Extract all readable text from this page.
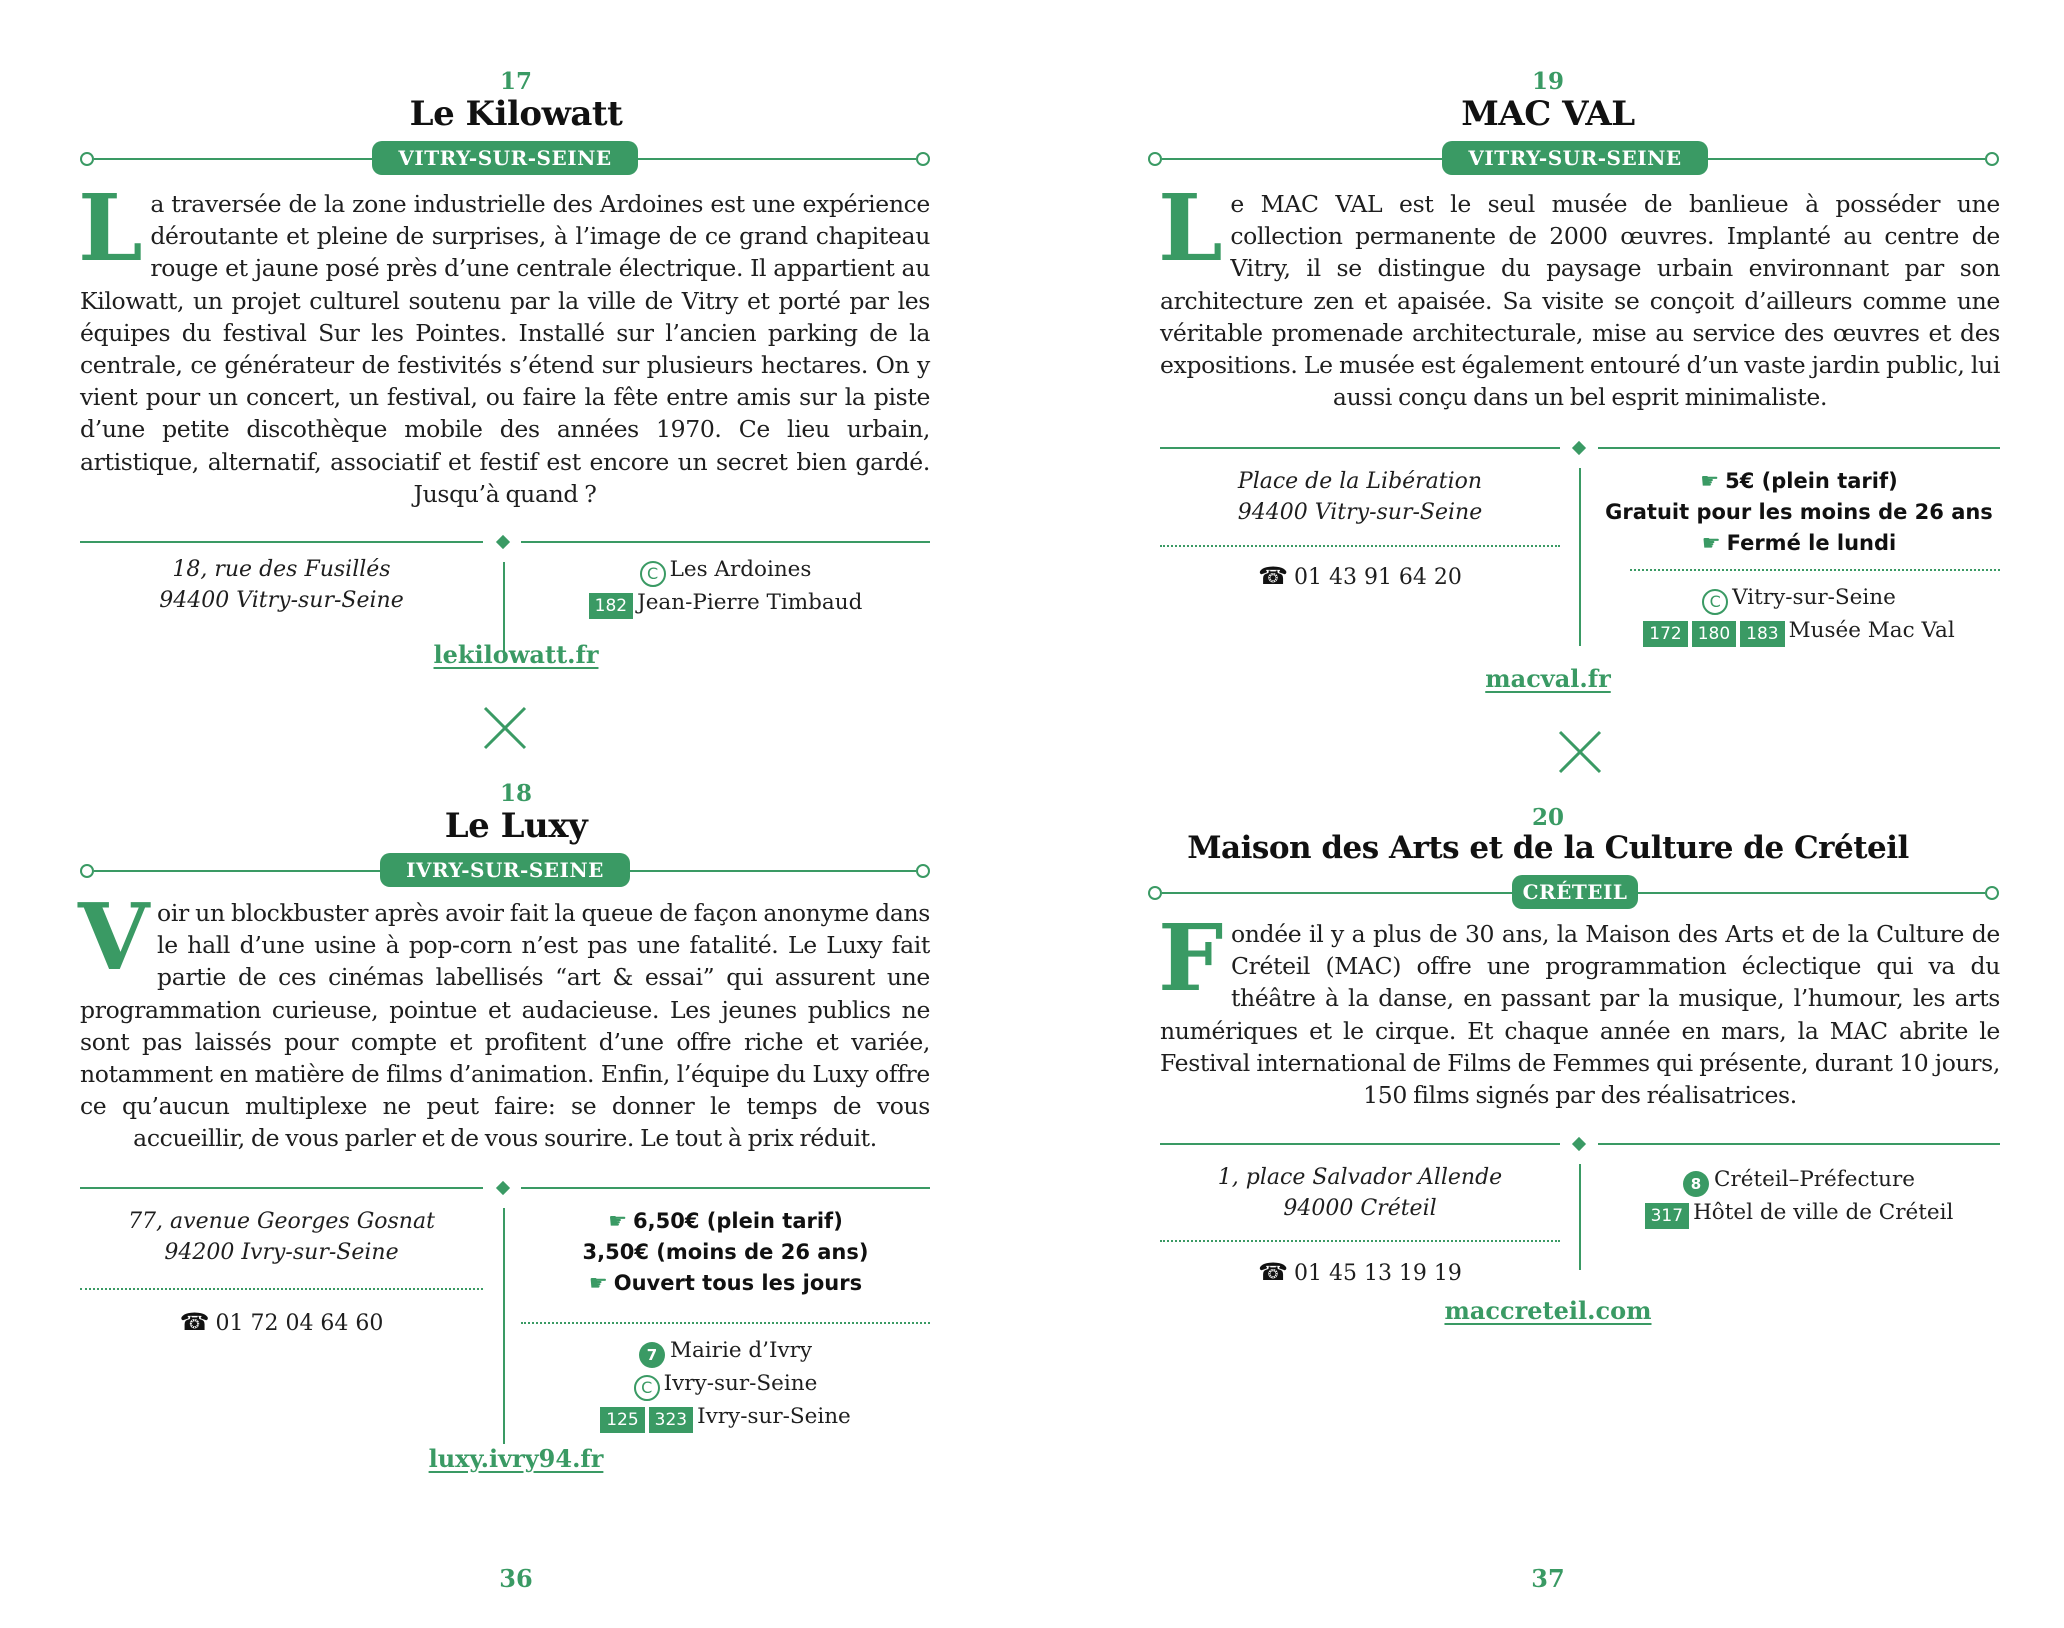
17
Le Kilowatt
VITRY-SUR-SEINE
La traversée de la zone industrielle des Ardoines est une expérience déroutante et pleine de surprises, à l’image de ce grand chapiteau rouge et jaune posé près d’une centrale électrique. Il appartient au Kilowatt, un projet culturel soutenu par la ville de Vitry et porté par les équipes du festival Sur les Pointes. Installé sur l’ancien parking de la centrale, ce générateur de festivités s’étend sur plusieurs hectares. On y vient pour un concert, un festival, ou faire la fête entre amis sur la piste d’une petite discothèque mobile des années 1970. Ce lieu urbain, artistique, alternatif, associatif et festif est encore un secret bien gardé. Jusqu’à quand ?
18, rue des Fusillés
94400 Vitry-sur-Seine
C Les Ardoines
182 Jean-Pierre Timbaud
lekilowatt.fr
18
Le Luxy
IVRY-SUR-SEINE
Voir un blockbuster après avoir fait la queue de façon anonyme dans le hall d’une usine à pop-corn n’est pas une fatalité. Le Luxy fait partie de ces cinémas labellisés “art & essai” qui assurent une programmation curieuse, pointue et audacieuse. Les jeunes publics ne sont pas laissés pour compte et profitent d’une offre riche et variée, notamment en matière de films d’animation. Enfin, l’équipe du Luxy offre ce qu’aucun multiplexe ne peut faire: se donner le temps de vous accueillir, de vous parler et de vous sourire. Le tout à prix réduit.
77, avenue Georges Gosnat
94200 Ivry-sur-Seine
☎ 01 72 04 64 60
☛ 6,50€ (plein tarif)
3,50€ (moins de 26 ans)
☛ Ouvert tous les jours
7 Mairie d’Ivry
C Ivry-sur-Seine
125 323 Ivry-sur-Seine
luxy.ivry94.fr
36
19
MAC VAL
VITRY-SUR-SEINE
Le MAC VAL est le seul musée de banlieue à posséder une collection permanente de 2000 œuvres. Implanté au centre de Vitry, il se distingue du paysage urbain environnant par son architecture zen et apaisée. Sa visite se conçoit d’ailleurs comme une véritable promenade architecturale, mise au service des œuvres et des expositions. Le musée est également entouré d’un vaste jardin public, lui aussi conçu dans un bel esprit minimaliste.
Place de la Libération
94400 Vitry-sur-Seine
☎ 01 43 91 64 20
☛ 5€ (plein tarif)
Gratuit pour les moins de 26 ans
☛ Fermé le lundi
C Vitry-sur-Seine
172 180 183 Musée Mac Val
macval.fr
20
Maison des Arts et de la Culture de Créteil
CRÉTEIL
Fondée il y a plus de 30 ans, la Maison des Arts et de la Culture de Créteil (MAC) offre une programmation éclectique qui va du théâtre à la danse, en passant par la musique, l’humour, les arts numériques et le cirque. Et chaque année en mars, la MAC abrite le Festival international de Films de Femmes qui présente, durant 10 jours, 150 films signés par des réalisatrices.
1, place Salvador Allende
94000 Créteil
☎ 01 45 13 19 19
8 Créteil–Préfecture
317 Hôtel de ville de Créteil
maccreteil.com
37
